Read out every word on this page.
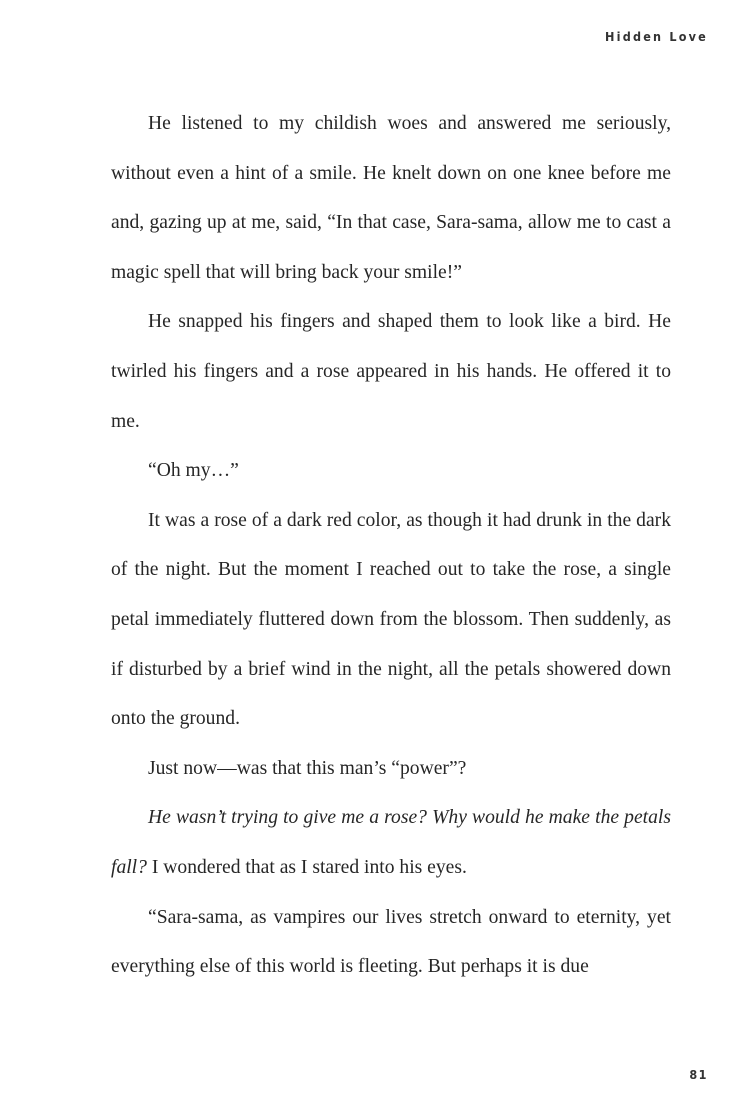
Hidden Love

He listened to my childish woes and answered me seriously, without even a hint of a smile. He knelt down on one knee before me and, gazing up at me, said, “In that case, Sara-sama, allow me to cast a magic spell that will bring back your smile!”

He snapped his fingers and shaped them to look like a bird. He twirled his fingers and a rose appeared in his hands. He offered it to me.

“Oh my…”

It was a rose of a dark red color, as though it had drunk in the dark of the night. But the moment I reached out to take the rose, a single petal immediately fluttered down from the blossom. Then suddenly, as if disturbed by a brief wind in the night, all the petals showered down onto the ground.

Just now—was that this man’s “power”?

He wasn’t trying to give me a rose? Why would he make the petals fall? I wondered that as I stared into his eyes.

“Sara-sama, as vampires our lives stretch onward to eternity, yet everything else of this world is fleeting. But perhaps it is due

81
